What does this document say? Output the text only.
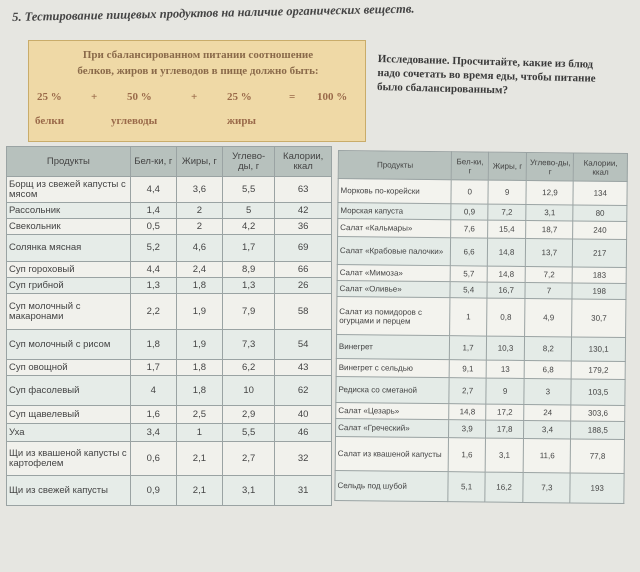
5. Тестирование пищевых продуктов на наличие органических веществ.
При сбалансированном питании соотношение
белков, жиров и углеводов в пище должно быть:
25 %	+	50 %	+	25 %	= 100 %
белки	углеводы	жиры
Исследование. Просчитайте, какие из блюд надо сочетать во время еды, чтобы питание было сбалансированным?
Продукты	Бел-ки, г	Жиры, г	Углево-ды, г	Калории, ккал
Борщ из свежей капусты с мясом	4,4	3,6	5,5	63
Рассольник	1,4	2	5	42
Свекольник	0,5	2	4,2	36
Солянка мясная	5,2	4,6	1,7	69
Суп гороховый	4,4	2,4	8,9	66
Суп грибной	1,3	1,8	1,3	26
Суп молочный с макаронами	2,2	1,9	7,9	58
Суп молочный с рисом	1,8	1,9	7,3	54
Суп овощной	1,7	1,8	6,2	43
Суп фасолевый	4	1,8	10	62
Суп щавелевый	1,6	2,5	2,9	40
Уха	3,4	1	5,5	46
Щи из квашеной капусты с картофелем	0,6	2,1	2,7	32
Щи из свежей капусты	0,9	2,1	3,1	31
Продукты	Бел-ки, г	Жиры, г	Углево-ды, г	Калории, ккал
Морковь по-корейски	0	9	12,9	134
Морская капуста	0,9	7,2	3,1	80
Салат «Кальмары»	7,6	15,4	18,7	240
Салат «Крабовые палочки»	6,6	14,8	13,7	217
Салат «Мимоза»	5,7	14,8	7,2	183
Салат «Оливье»	5,4	16,7	7	198
Салат из помидоров с огурцами и перцем	1	0,8	4,9	30,7
Винегрет	1,7	10,3	8,2	130,1
Винегрет с сельдью	9,1	13	6,8	179,2
Редиска со сметаной	2,7	9	3	103,5
Салат «Цезарь»	14,8	17,2	24	303,6
Салат «Греческий»	3,9	17,8	3,4	188,5
Салат из квашеной капусты	1,6	3,1	11,6	77,8
Сельдь под шубой	5,1	16,2	7,3	193
